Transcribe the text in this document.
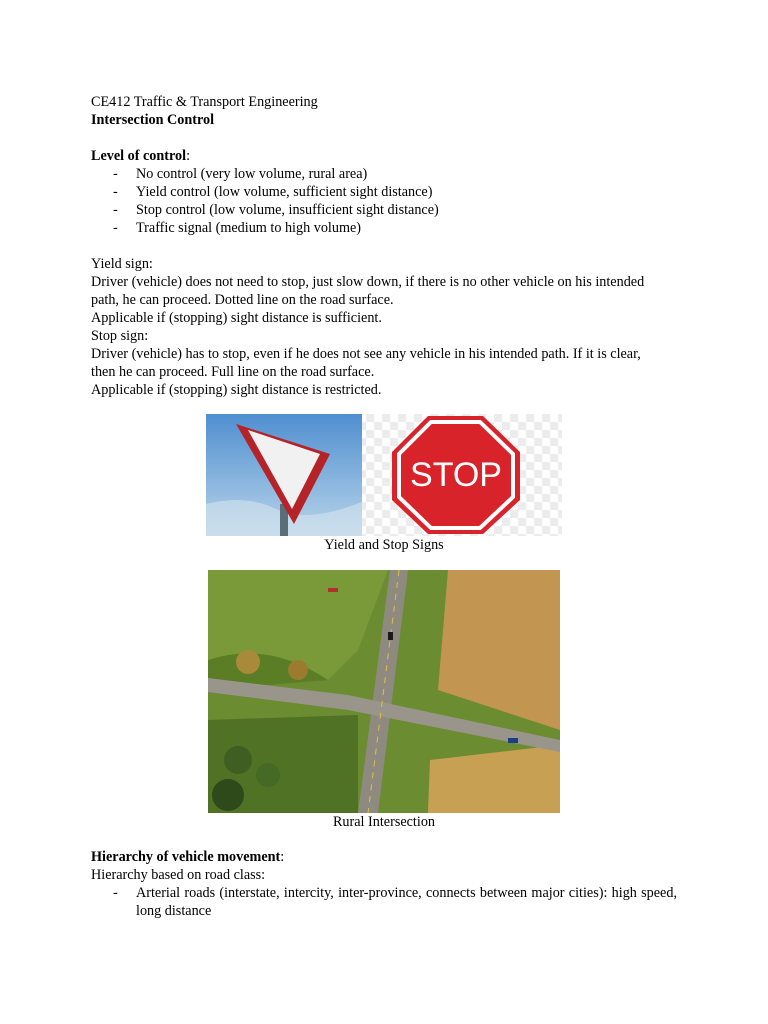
CE412 Traffic & Transport Engineering
Intersection Control
Level of control:
- No control (very low volume, rural area)
- Yield control (low volume, sufficient sight distance)
- Stop control (low volume, insufficient sight distance)
- Traffic signal (medium to high volume)
Yield sign:
Driver (vehicle) does not need to stop, just slow down, if there is no other vehicle on his intended
path, he can proceed. Dotted line on the road surface.
Applicable if (stopping) sight distance is sufficient.
Stop sign:
Driver (vehicle) has to stop, even if he does not see any vehicle in his intended path. If it is clear,
then he can proceed. Full line on the road surface.
Applicable if (stopping) sight distance is restricted.
STOP
Yield and Stop Signs
Rural Intersection
Hierarchy of vehicle movement:
Hierarchy based on road class:
- Arterial roads (interstate, intercity, inter-province, connects between major cities): high speed, long distance
